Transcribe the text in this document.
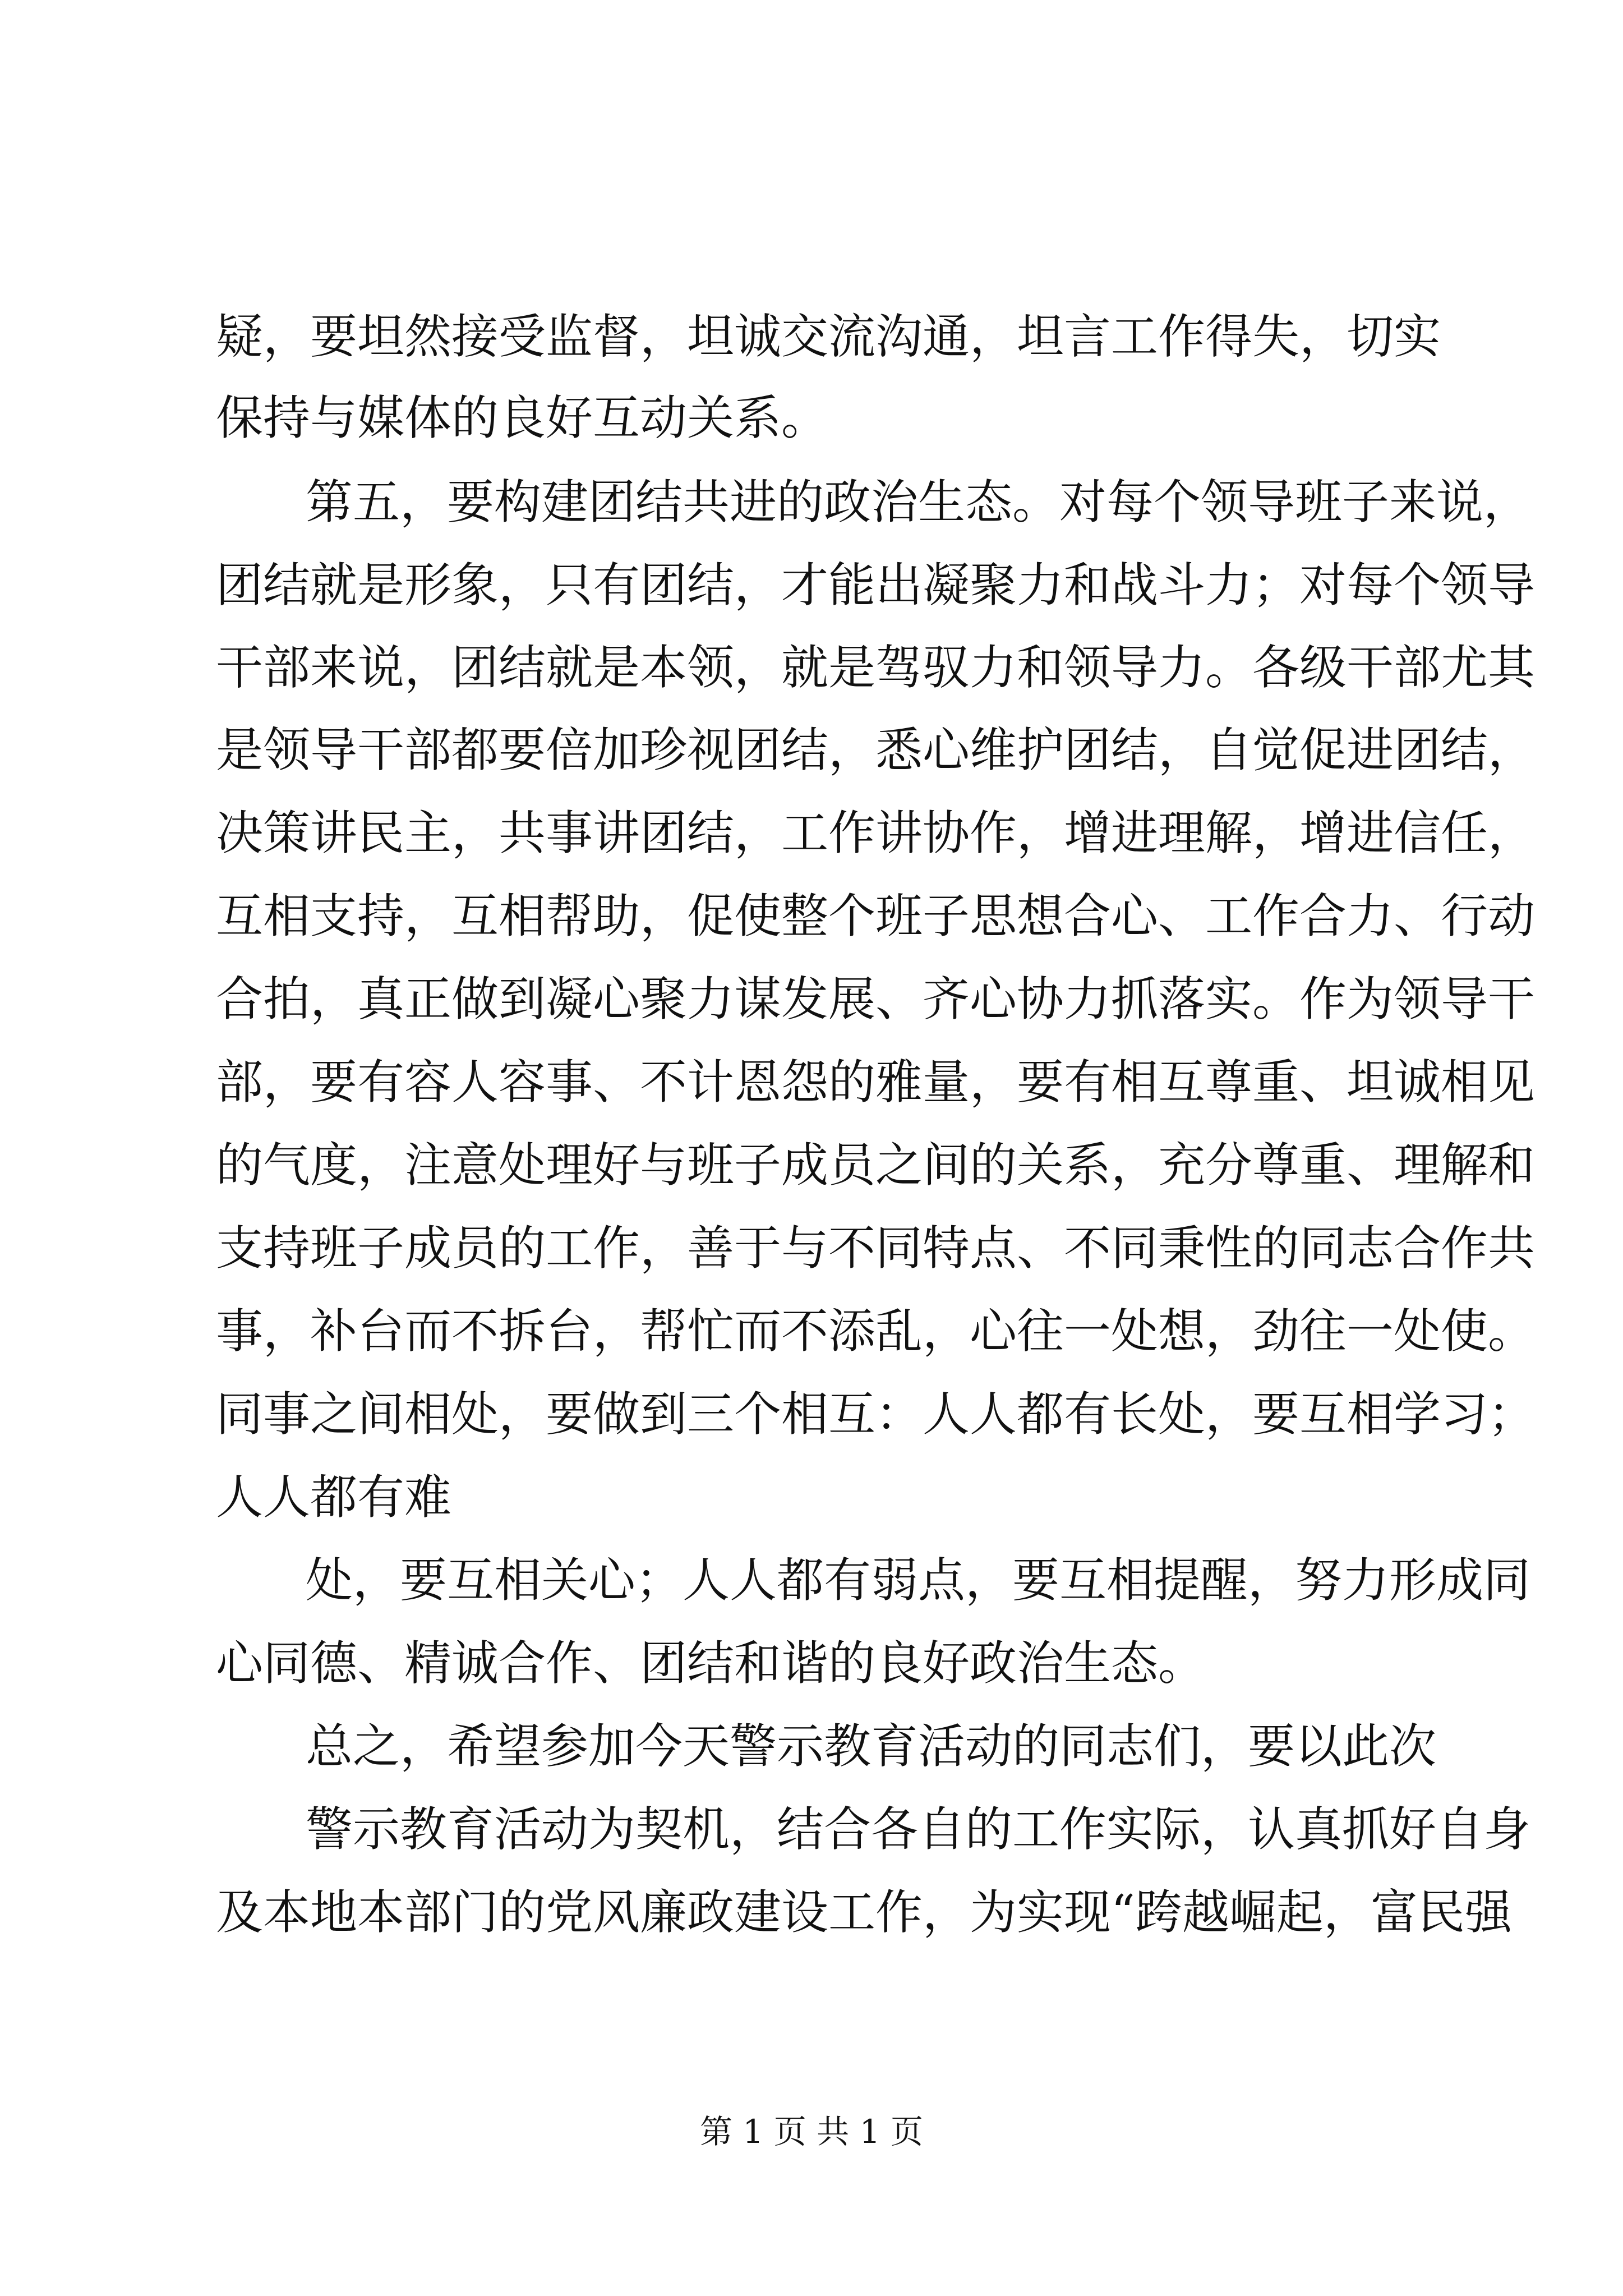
疑，要坦然接受监督，坦诚交流沟通，坦言工作得失，切实
保持与媒体的良好互动关系。
第五，要构建团结共进的政治生态。对每个领导班子来说，
团结就是形象，只有团结，才能出凝聚力和战斗力；对每个领导
干部来说，团结就是本领，就是驾驭力和领导力。各级干部尤其
是领导干部都要倍加珍视团结，悉心维护团结，自觉促进团结，
决策讲民主，共事讲团结，工作讲协作，增进理解，增进信任，
互相支持，互相帮助，促使整个班子思想合心、工作合力、行动
合拍，真正做到凝心聚力谋发展、齐心协力抓落实。作为领导干
部，要有容人容事、不计恩怨的雅量，要有相互尊重、坦诚相见
的气度，注意处理好与班子成员之间的关系，充分尊重、理解和
支持班子成员的工作，善于与不同特点、不同秉性的同志合作共
事，补台而不拆台，帮忙而不添乱，心往一处想，劲往一处使。
同事之间相处，要做到三个相互：人人都有长处，要互相学习；
人人都有难
处，要互相关心；人人都有弱点，要互相提醒，努力形成同
心同德、精诚合作、团结和谐的良好政治生态。
总之，希望参加今天警示教育活动的同志们，要以此次
警示教育活动为契机，结合各自的工作实际，认真抓好自身
及本地本部门的党风廉政建设工作，为实现“跨越崛起，富民强
第 1 页 共 1 页
